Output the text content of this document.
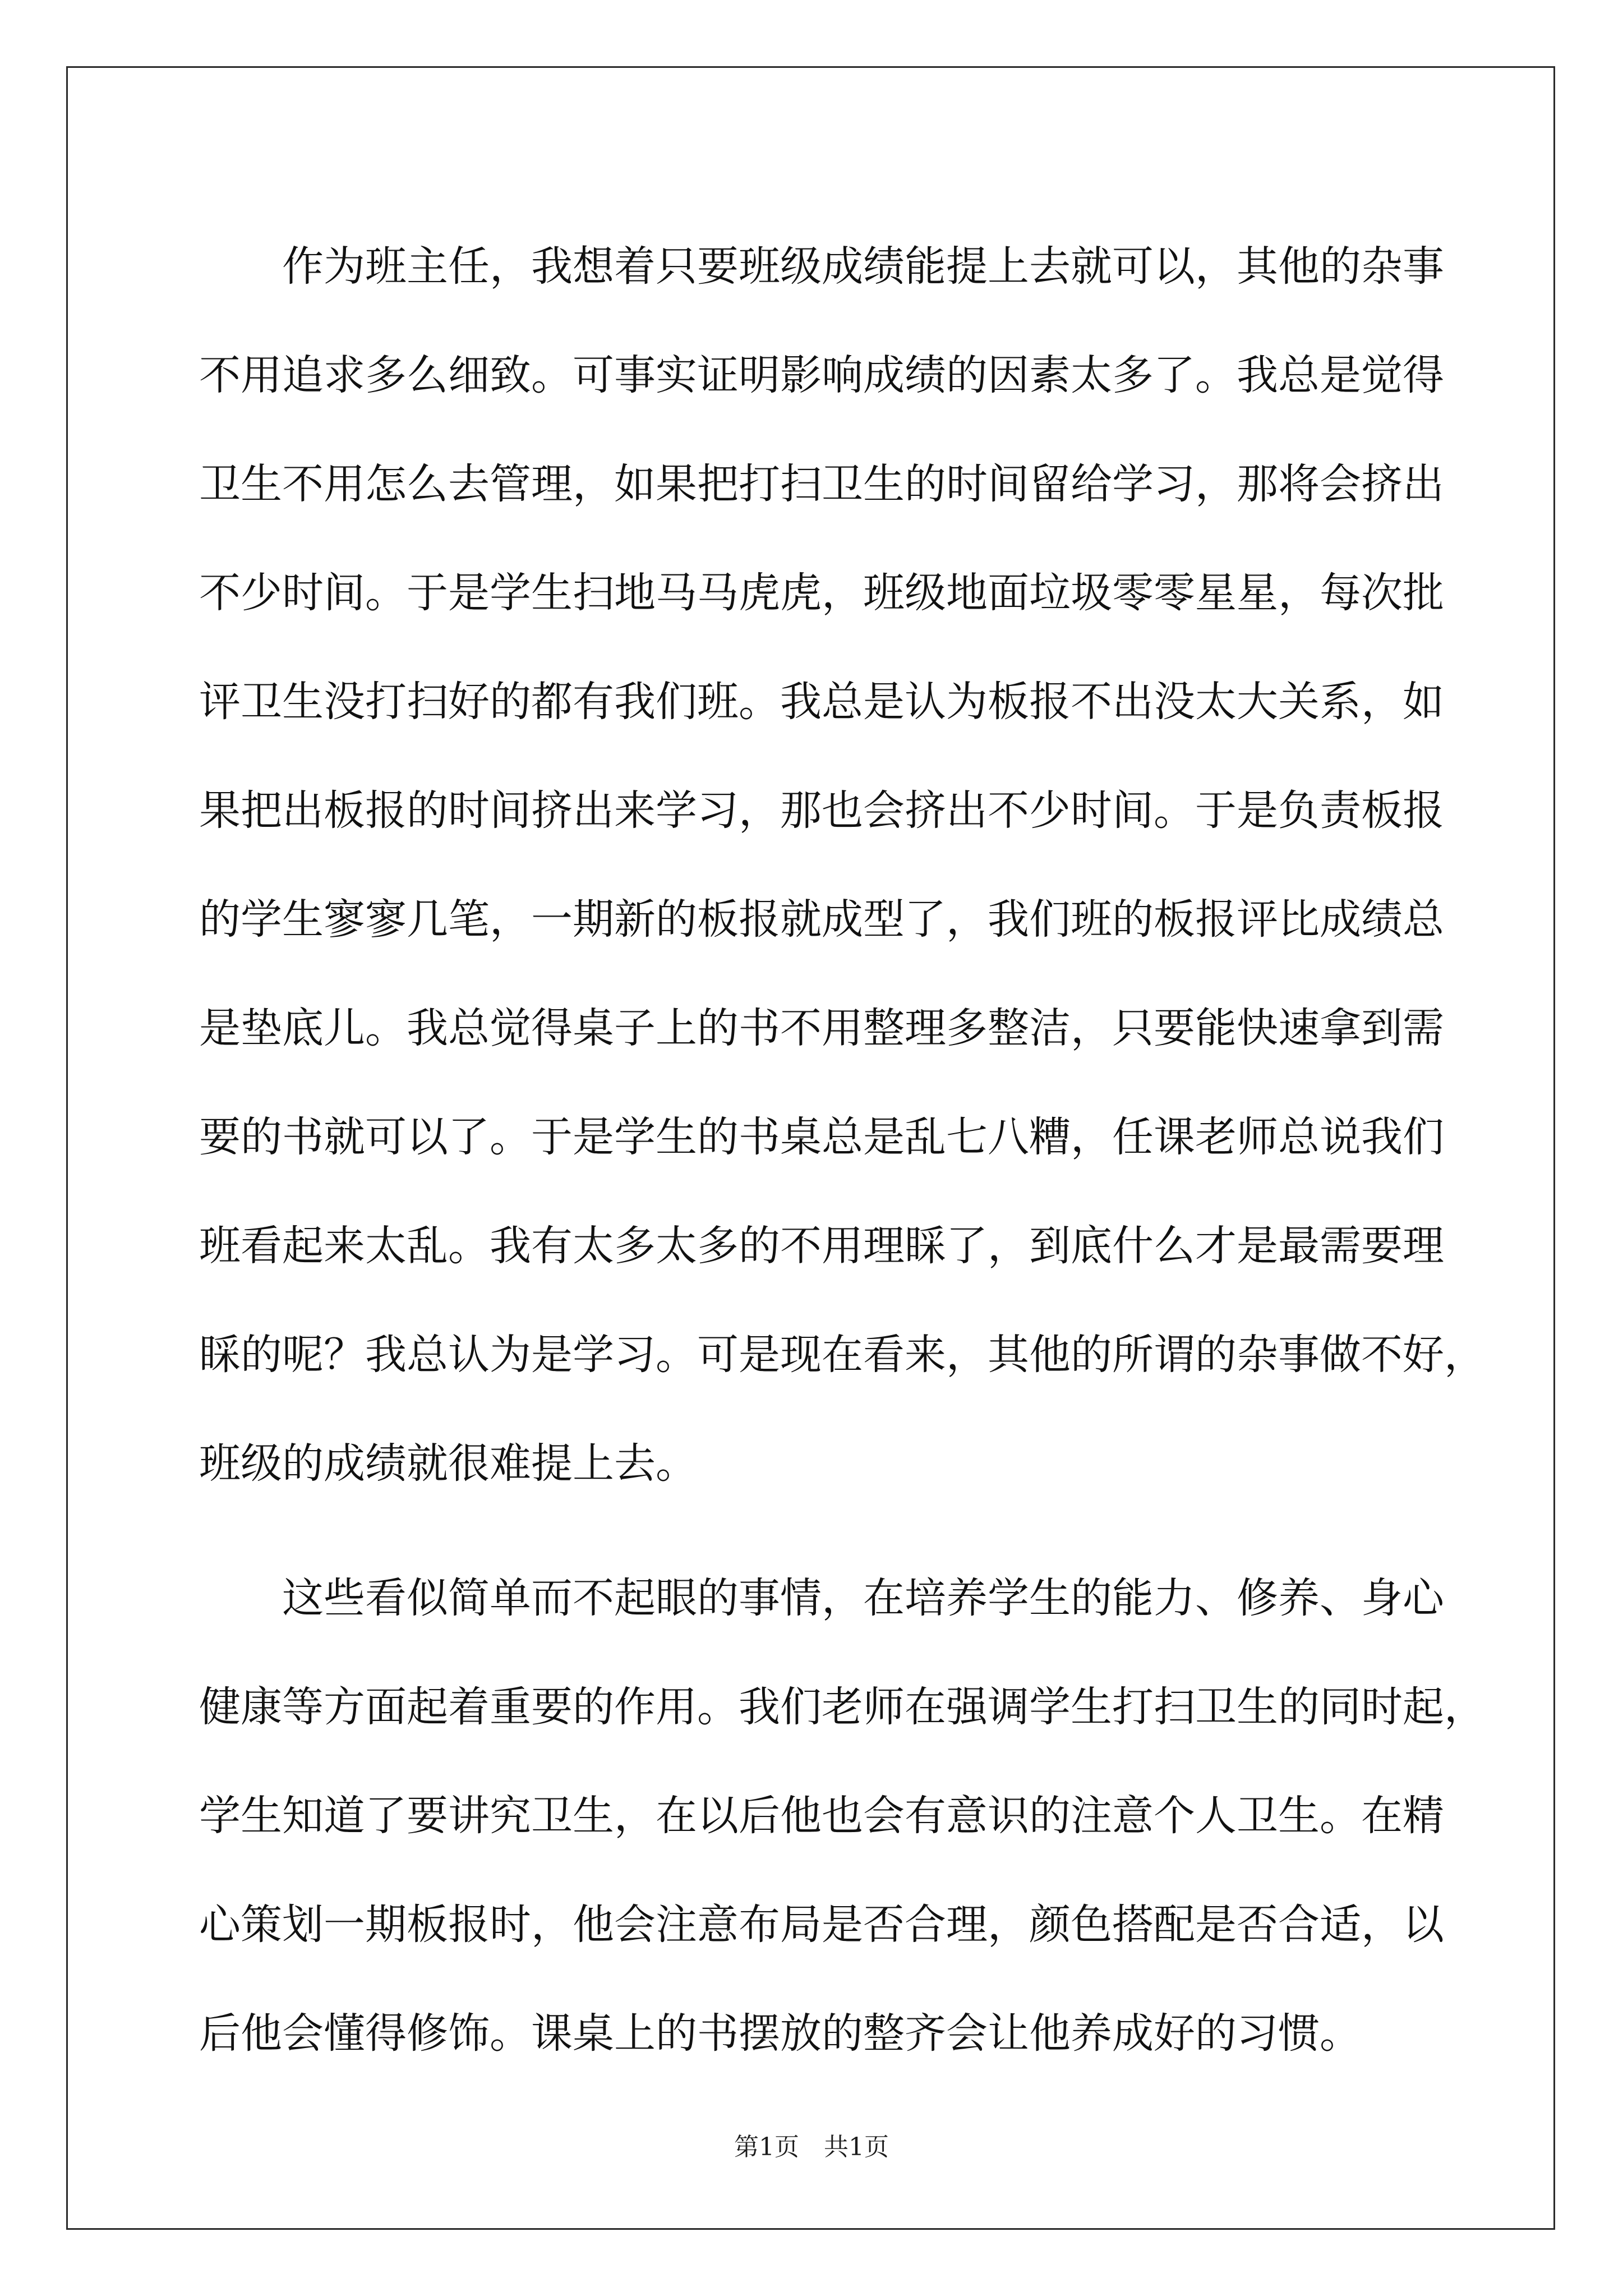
　　作为班主任，我想着只要班级成绩能提上去就可以，其他的杂事
不用追求多么细致。可事实证明影响成绩的因素太多了。我总是觉得
卫生不用怎么去管理，如果把打扫卫生的时间留给学习，那将会挤出
不少时间。于是学生扫地马马虎虎，班级地面垃圾零零星星，每次批
评卫生没打扫好的都有我们班。我总是认为板报不出没太大关系，如
果把出板报的时间挤出来学习，那也会挤出不少时间。于是负责板报
的学生寥寥几笔，一期新的板报就成型了，我们班的板报评比成绩总
是垫底儿。我总觉得桌子上的书不用整理多整洁，只要能快速拿到需
要的书就可以了。于是学生的书桌总是乱七八糟，任课老师总说我们
班看起来太乱。我有太多太多的不用理睬了，到底什么才是最需要理
睬的呢？我总认为是学习。可是现在看来，其他的所谓的杂事做不好，
班级的成绩就很难提上去。
　　这些看似简单而不起眼的事情，在培养学生的能力、修养、身心
健康等方面起着重要的作用。我们老师在强调学生打扫卫生的同时起，
学生知道了要讲究卫生，在以后他也会有意识的注意个人卫生。在精
心策划一期板报时，他会注意布局是否合理，颜色搭配是否合适，以
后他会懂得修饰。课桌上的书摆放的整齐会让他养成好的习惯。
第1页　共1页
